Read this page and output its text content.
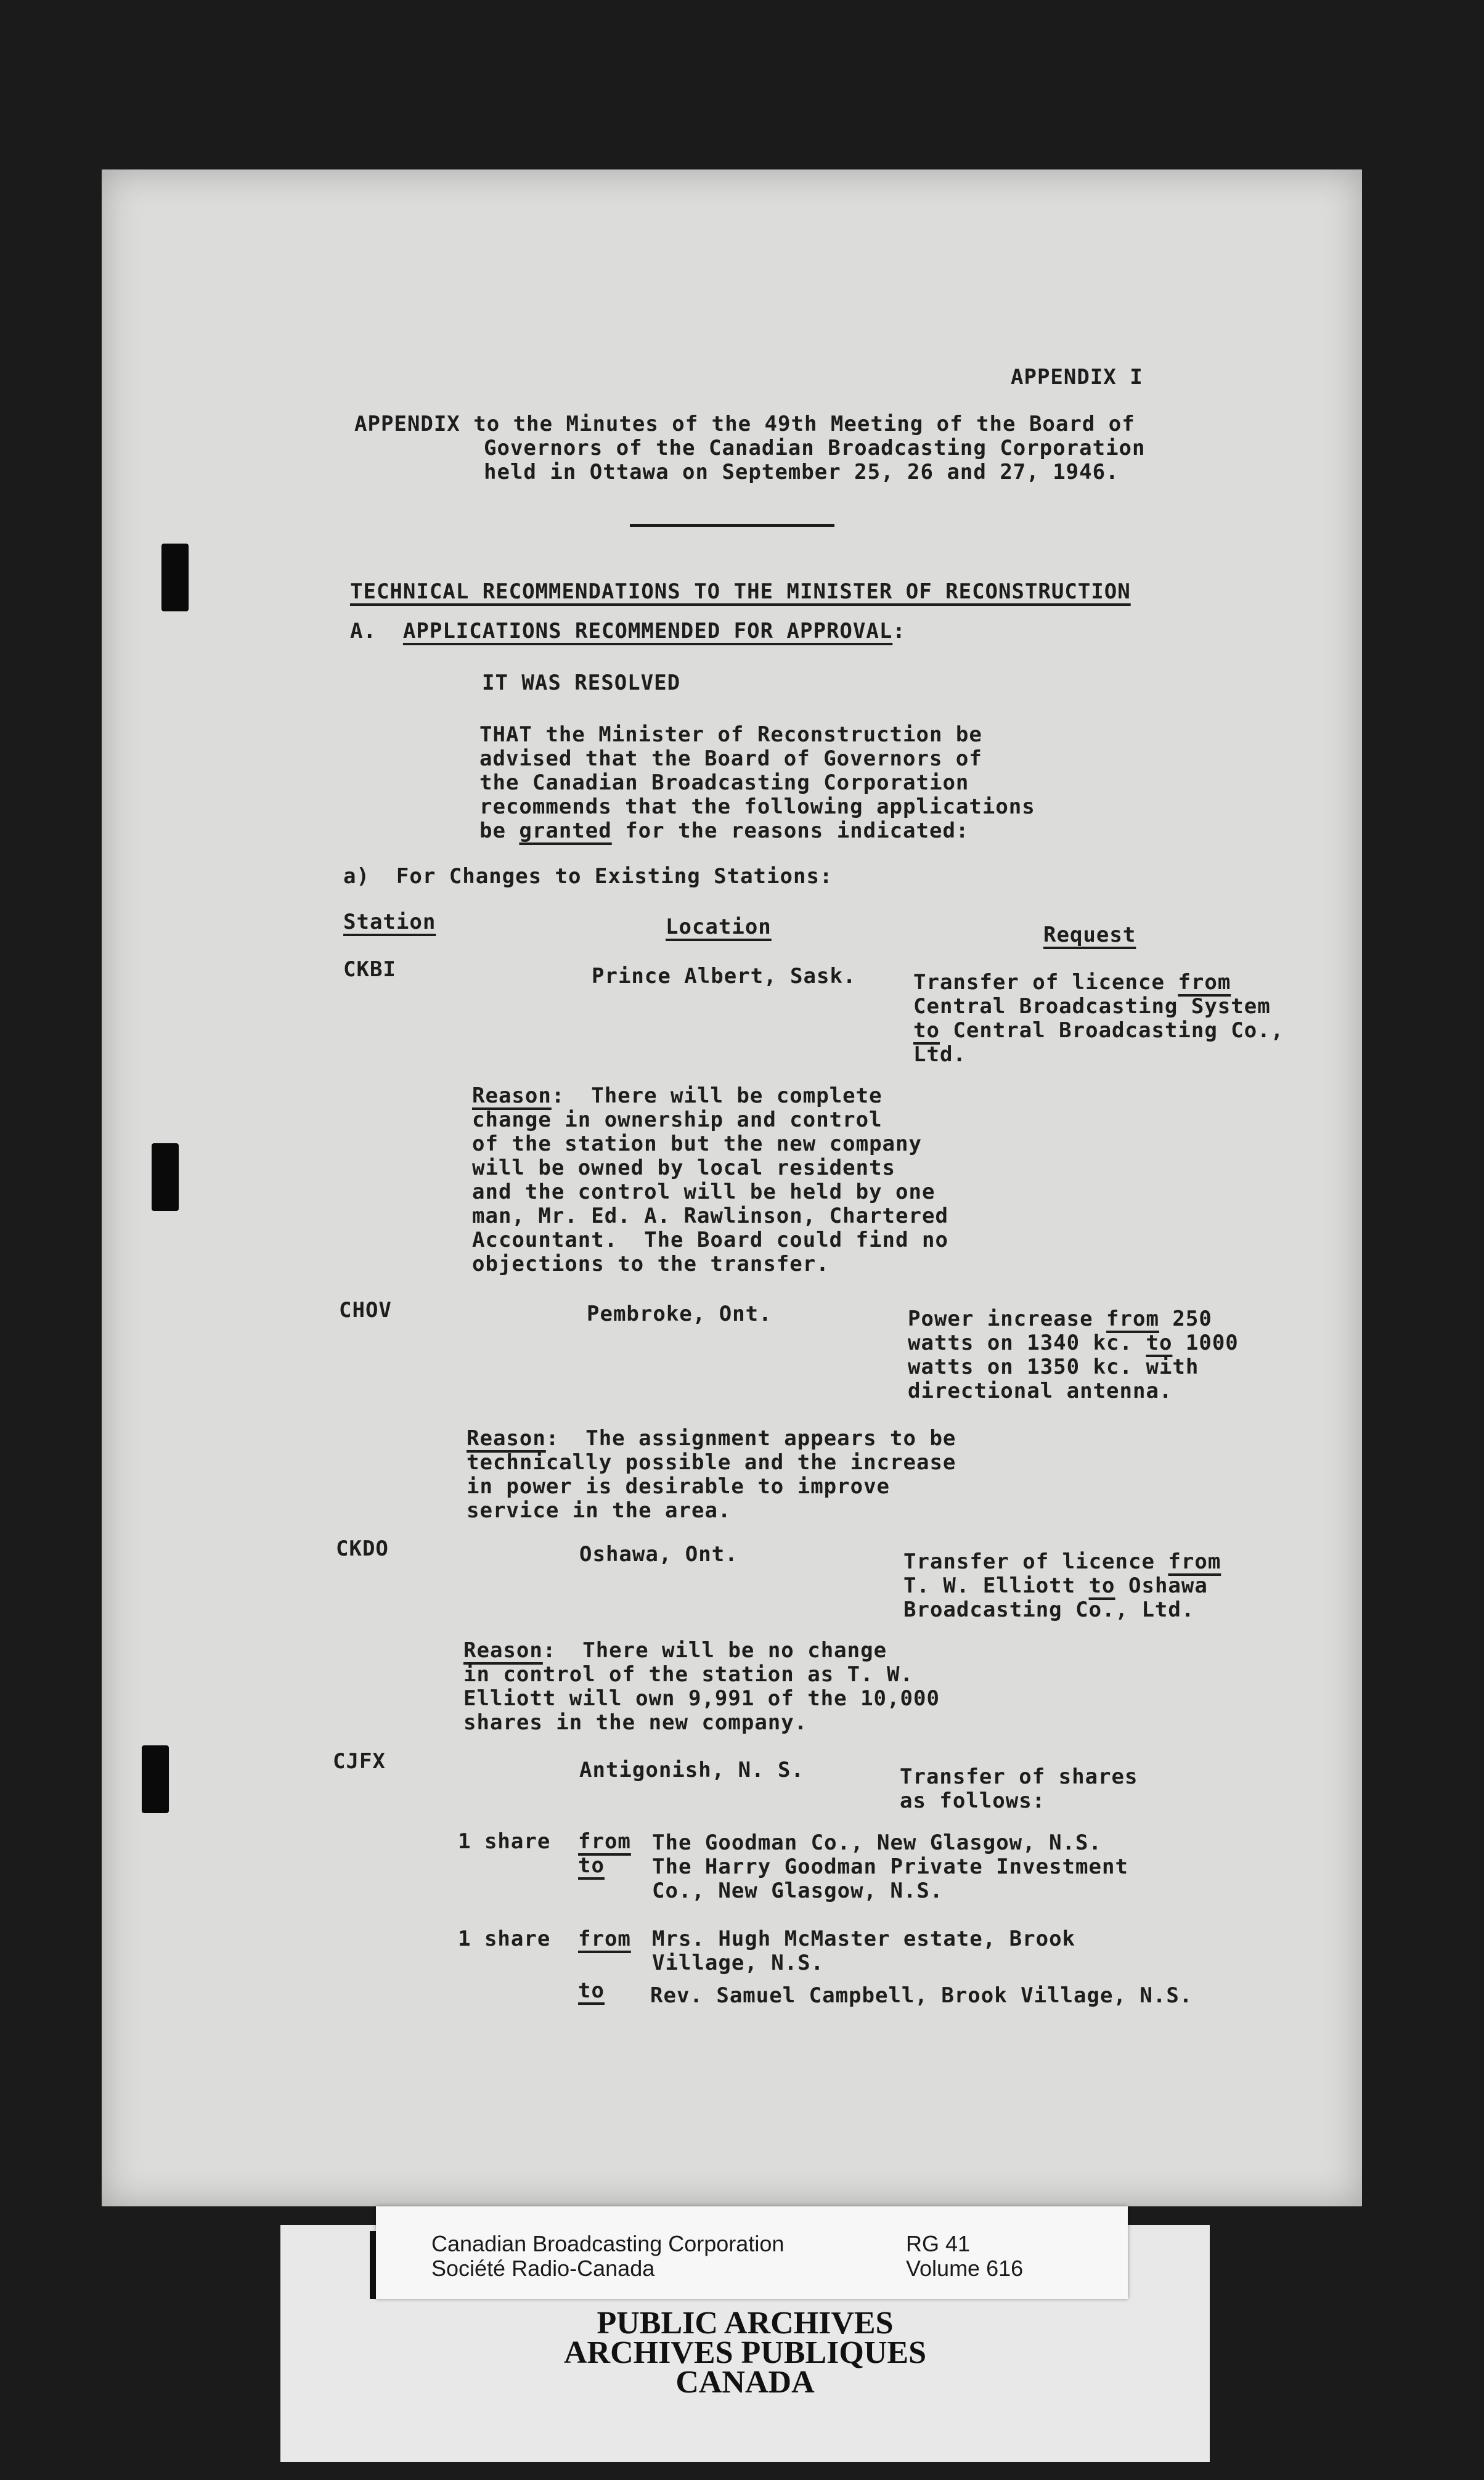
APPENDIX I
APPENDIX to the Minutes of the 49th Meeting of the Board of
Governors of the Canadian Broadcasting Corporation
held in Ottawa on September 25, 26 and 27, 1946.
TECHNICAL RECOMMENDATIONS TO THE MINISTER OF RECONSTRUCTION
A. APPLICATIONS RECOMMENDED FOR APPROVAL:
IT WAS RESOLVED
THAT the Minister of Reconstruction be
advised that the Board of Governors of
the Canadian Broadcasting Corporation
recommends that the following applications
be granted for the reasons indicated:
a)  For Changes to Existing Stations:
Station	Location	Request
CKBI	Prince Albert, Sask.	Transfer of licence from
Central Broadcasting System
to Central Broadcasting Co.,
Ltd.
Reason:  There will be complete
change in ownership and control
of the station but the new company
will be owned by local residents
and the control will be held by one
man, Mr. Ed. A. Rawlinson, Chartered
Accountant.  The Board could find no
objections to the transfer.
CHOV	Pembroke, Ont.	Power increase from 250
watts on 1340 kc. to 1000
watts on 1350 kc. with
directional antenna.
Reason:  The assignment appears to be
technically possible and the increase
in power is desirable to improve
service in the area.
CKDO	Oshawa, Ont.	Transfer of licence from
T. W. Elliott to Oshawa
Broadcasting Co., Ltd.
Reason:  There will be no change
in control of the station as T. W.
Elliott will own 9,991 of the 10,000
shares in the new company.
CJFX	Antigonish, N. S.	Transfer of shares
as follows:
1 share from The Goodman Co., New Glasgow, N.S.
to The Harry Goodman Private Investment
Co., New Glasgow, N.S.
1 share from Mrs. Hugh McMaster estate, Brook
Village, N.S.
to Rev. Samuel Campbell, Brook Village, N.S.
PUBLIC ARCHIVES
ARCHIVES PUBLIQUES
CANADA
Canadian Broadcasting Corporation
Société Radio-Canada
RG 41
Volume 616
